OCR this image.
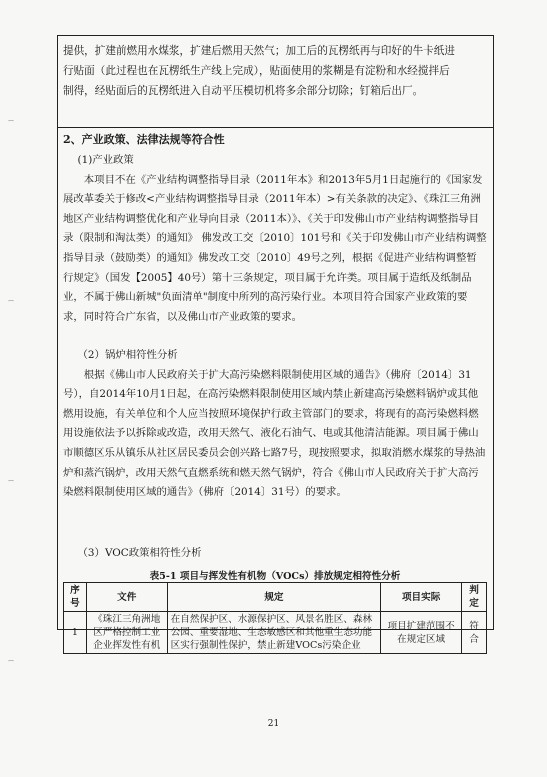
提供，扩建前燃用水煤浆，扩建后燃用天然气；加工后的瓦楞纸再与印好的牛卡纸进

行贴面（此过程也在瓦楞纸生产线上完成），贴面使用的浆糊是有淀粉和水经搅拌后

制得，经贴面后的瓦楞纸进入自动平压模切机将多余部分切除；钉箱后出厂。

2、产业政策、法律法规等符合性

(1)产业政策

本项目不在《产业结构调整指导目录（2011年本》和2013年5月1日起施行的《国家发展改革委关于修改<产业结构调整指导目录（2011年本）>有关条款的决定》、《珠江三角洲地区产业结构调整优化和产业导向目录（2011本）》、《关于印发佛山市产业结构调整指导目录（限制和淘汰类）的通知》 佛发改工交〔2010〕101号和《关于印发佛山市产业结构调整指导目录（鼓励类）的通知》佛发改工交〔2010〕49号之列，根据《促进产业结构调整暂行规定》（国发【2005】40号）第十三条规定，项目属于允许类。项目属于造纸及纸制品业，不属于佛山新城"负面清单"制度中所列的高污染行业。本项目符合国家产业政策的要求，同时符合广东省，以及佛山市产业政策的要求。

（2）锅炉相符性分析

根据《佛山市人民政府关于扩大高污染燃料限制使用区域的通告》（佛府〔2014〕31号），自2014年10月1日起，在高污染燃料限制使用区域内禁止新建高污染燃料锅炉或其他燃用设施，有关单位和个人应当按照环境保护行政主管部门的要求，将现有的高污染燃料燃用设施依法予以拆除或改造，改用天然气、液化石油气、电或其他清洁能源。项目属于佛山市顺德区乐从镇乐从社区居民委员会创兴路七路7号，现按照要求，拟取消燃水煤浆的导热油炉和蒸汽锅炉，改用天然气直燃系统和燃天然气锅炉，符合《佛山市人民政府关于扩大高污染燃料限制使用区域的通告》（佛府〔2014〕31号）的要求。

（3）VOC政策相符性分析

表5-1 项目与挥发性有机物（VOCs）排放规定相符性分析
序号	文件	规定	项目实际	判定
1	《珠江三角洲地区严格控制工业企业挥发性有机	在自然保护区、水源保护区、风景名胜区、森林公园、重要湿地、生态敏感区和其他重生态功能区实行强制性保护，禁止新建VOCs污染企业	项目扩建范围不在规定区域	符合
21
